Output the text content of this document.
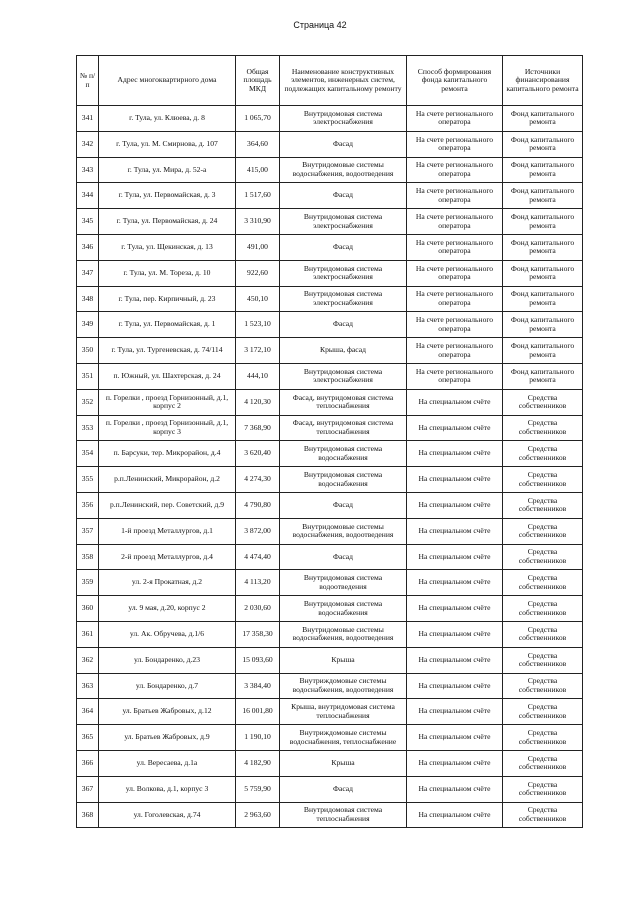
Страница 42
№ п/п	Адрес многоквартирного дома	Общая площадь МКД	Наименование конструктивных элементов, инженерных систем, подлежащих капитальному ремонту	Способ формирования фонда капитального ремонта	Источники финансирования капитального ремонта
341	г. Тула, ул. Клюева, д. 8	1 065,70	Внутридомовая система электроснабжения	На счете регионального оператора	Фонд капитального ремонта
342	г. Тула, ул. М. Смирнова, д. 107	364,60	Фасад	На счете регионального оператора	Фонд капитального ремонта
343	г. Тула, ул. Мира, д. 52-а	415,00	Внутридомовые системы водоснабжения, водоотведения	На счете регионального оператора	Фонд капитального ремонта
344	г. Тула, ул. Первомайская, д. 3	1 517,60	Фасад	На счете регионального оператора	Фонд капитального ремонта
345	г. Тула, ул. Первомайская, д. 24	3 310,90	Внутридомовая система электроснабжения	На счете регионального оператора	Фонд капитального ремонта
346	г. Тула, ул. Щекинская, д. 13	491,00	Фасад	На счете регионального оператора	Фонд капитального ремонта
347	г. Тула, ул. М. Тореза, д. 10	922,60	Внутридомовая система электроснабжения	На счете регионального оператора	Фонд капитального ремонта
348	г. Тула, пер. Кирпичный, д. 23	450,10	Внутридомовая система электроснабжения	На счете регионального оператора	Фонд капитального ремонта
349	г. Тула, ул. Первомайская, д. 1	1 523,10	Фасад	На счете регионального оператора	Фонд капитального ремонта
350	г. Тула, ул. Тургеневская, д. 74/114	3 172,10	Крыша, фасад	На счете регионального оператора	Фонд капитального ремонта
351	п. Южный, ул. Шахтерская, д. 24	444,10	Внутридомовая система электроснабжения	На счете регионального оператора	Фонд капитального ремонта
352	п. Горелки , проезд Горнизонный, д.1, корпус 2	4 120,30	Фасад, внутридомовая система теплоснабжения	На специальном счёте	Средства собственников
353	п. Горелки , проезд Горнизонный, д.1, корпус 3	7 368,90	Фасад, внутридомовая система теплоснабжения	На специальном счёте	Средства собственников
354	п. Барсуки, тер. Микрорайон, д.4	3 620,40	Внутридомовая система водоснабжения	На специальном счёте	Средства собственников
355	р.п.Ленинский, Микрорайон, д.2	4 274,30	Внутридомовая система водоснабжения	На специальном счёте	Средства собственников
356	р.п.Ленинский, пер. Советский, д.9	4 790,80	Фасад	На специальном счёте	Средства собственников
357	1-й проезд Металлургов, д.1	3 872,00	Внутридомовые системы водоснабжения, водоотведения	На специальном счёте	Средства собственников
358	2-й проезд Металлургов, д.4	4 474,40	Фасад	На специальном счёте	Средства собственников
359	ул. 2-я Прокатная, д.2	4 113,20	Внутридомовая система водоотведения	На специальном счёте	Средства собственников
360	ул. 9 мая, д.20, корпус 2	2 030,60	Внутридомовая система водоснабжения	На специальном счёте	Средства собственников
361	ул. Ак. Обручева, д.1/6	17 358,30	Внутридомовые системы водоснабжения, водоотведения	На специальном счёте	Средства собственников
362	ул. Бондаренко, д.23	15 093,60	Крыша	На специальном счёте	Средства собственников
363	ул. Бондаренко, д.7	3 384,40	Внутриждомовые системы водоснабжения, водоотведения	На специальном счёте	Средства собственников
364	ул. Братьев Жабровых, д.12	16 001,80	Крыша, внутридомовая система теплоснабжения	На специальном счёте	Средства собственников
365	ул. Братьев Жабровых, д.9	1 190,10	Внутриждомовые системы водоснабжения, теплоснабжение	На специальном счёте	Средства собственников
366	ул. Вересаева, д.1а	4 182,90	Крыша	На специальном счёте	Средства собственников
367	ул. Волкова, д.1, корпус 3	5 759,90	Фасад	На специальном счёте	Средства собственников
368	ул. Гоголевская, д.74	2 963,60	Внутридомовая система теплоснабжения	На специальном счёте	Средства собственников
